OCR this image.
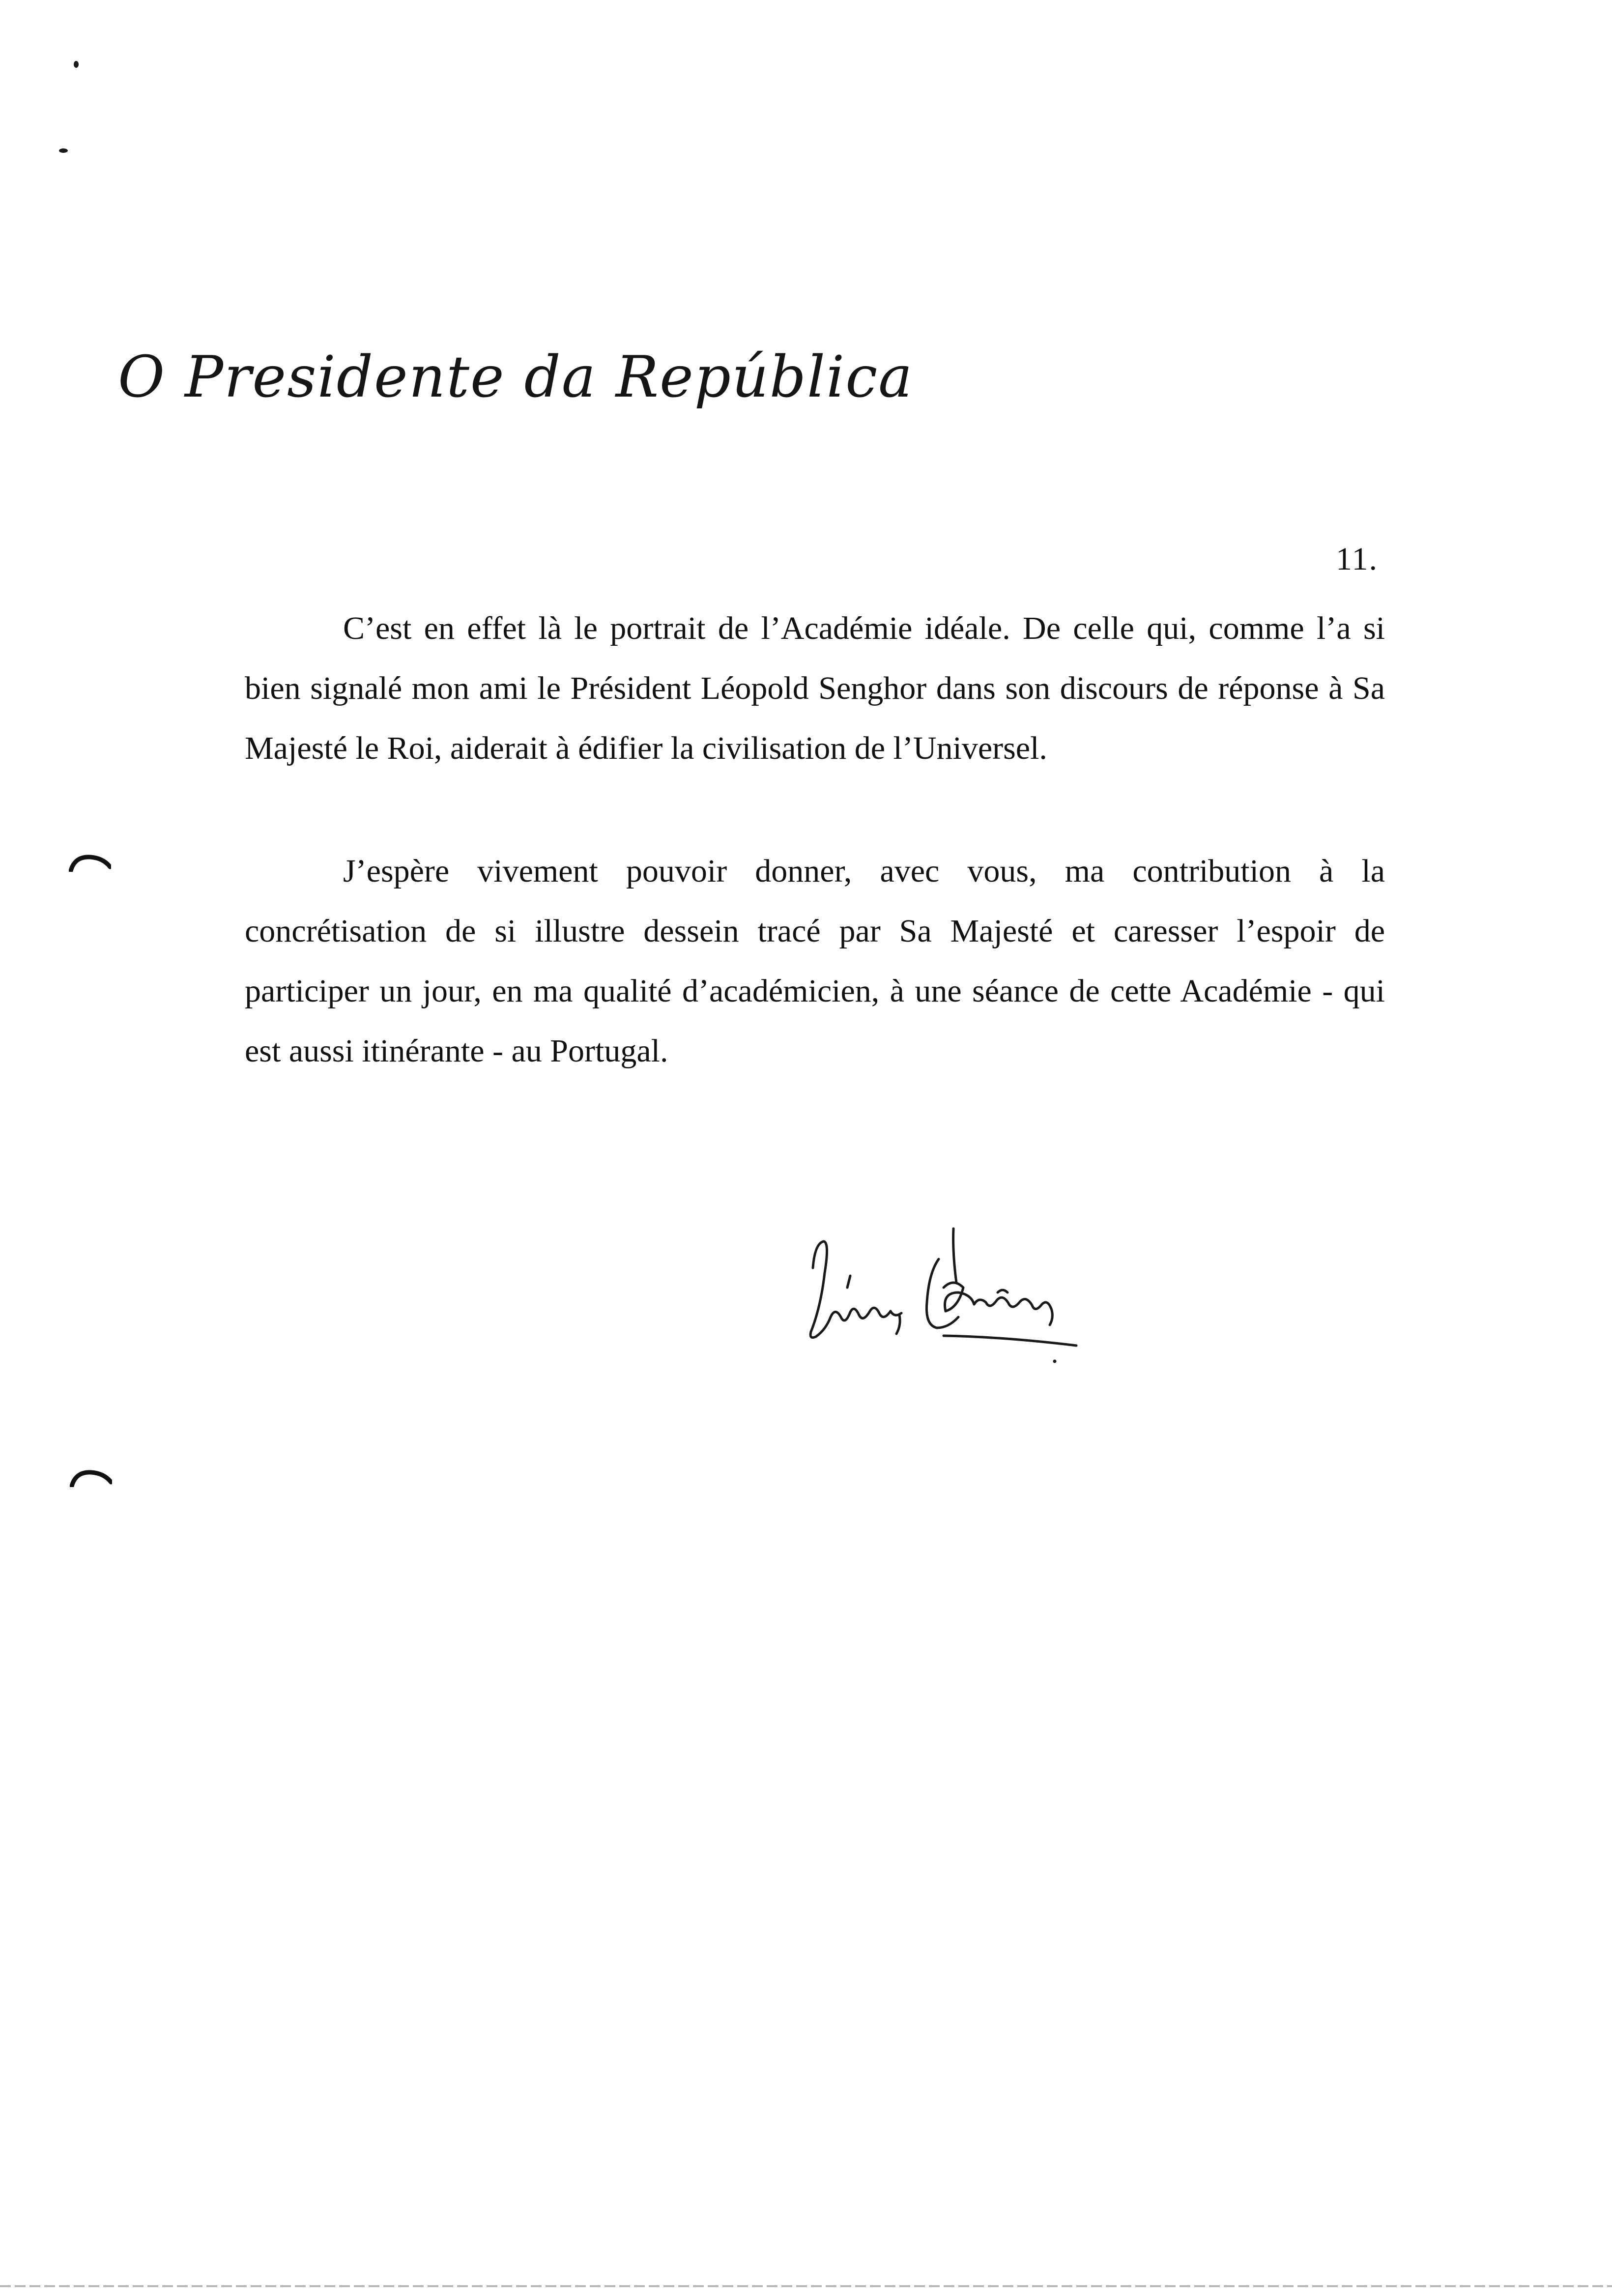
O Presidente da República
11.

C’est en effet là le portrait de l’Académie idéale. De celle qui, comme l’a si bien signalé mon ami le Président Léopold Senghor dans son discours de réponse à Sa Majesté le Roi, aiderait à édifier la civilisation de l’Universel.

J’espère vivement pouvoir donner, avec vous, ma contribution à la concrétisation de si illustre dessein tracé par Sa Majesté et caresser l’espoir de participer un jour, en ma qualité d’académicien, à une séance de cette Académie - qui est aussi itinérante - au Portugal.
